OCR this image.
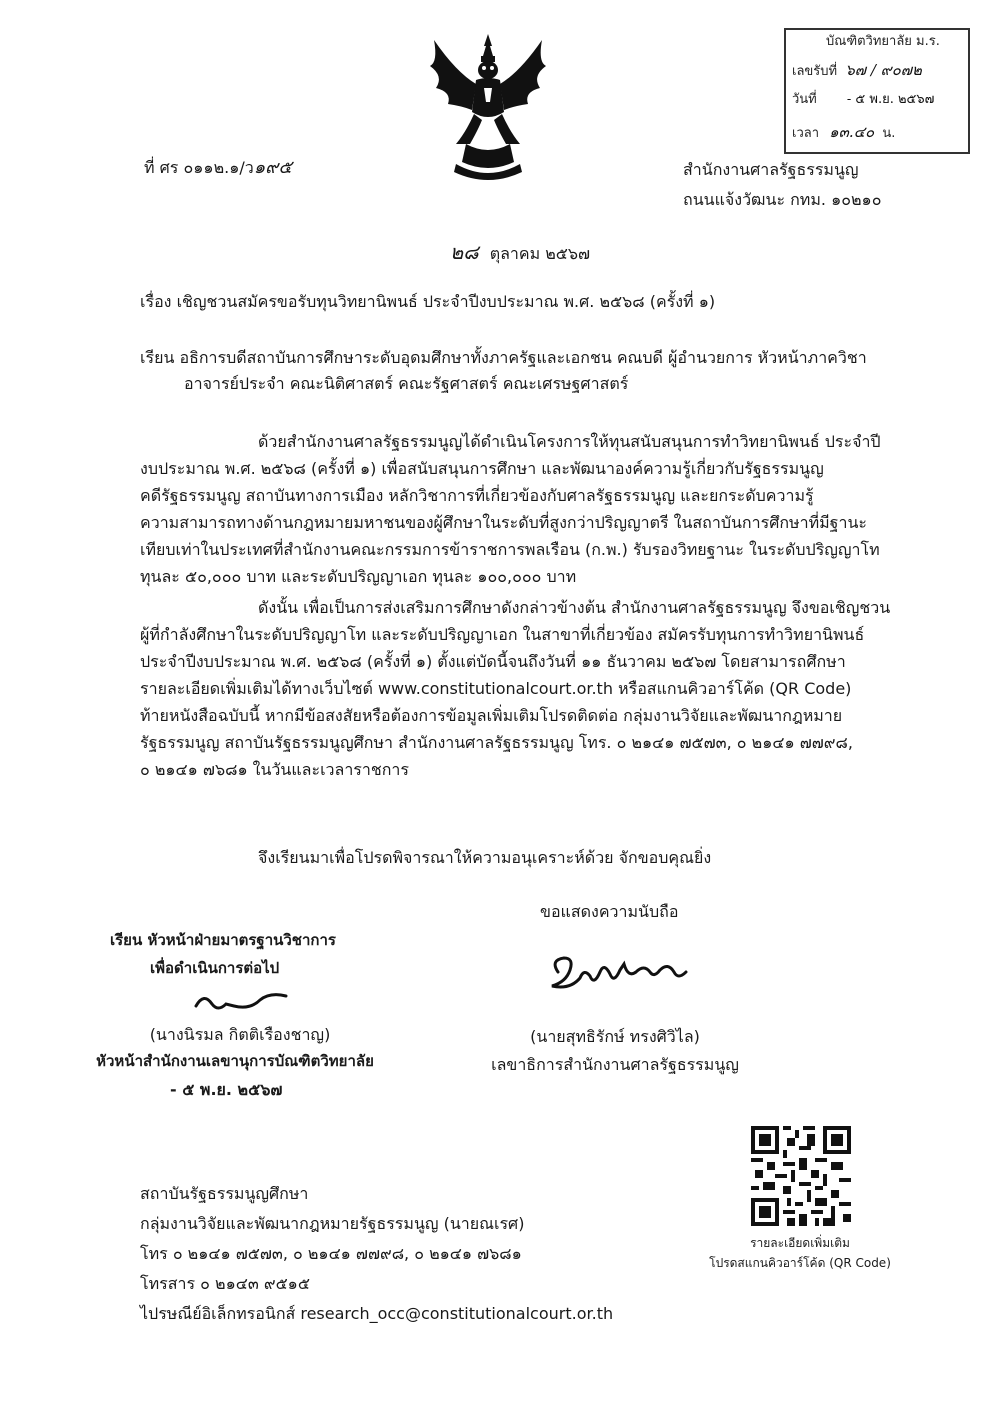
บัณฑิตวิทยาลัย ม.ร.
เลขรับที่ ๖๗ / ๙๐๗๒
วันที่ - ๕ พ.ย. ๒๕๖๗
เวลา ๑๓.๔๐ น.
ที่ ศร ๐๑๑๒.๑/ว๑๙๕	สำนักงานศาลรัฐธรรมนูญ
ถนนแจ้งวัฒนะ กทม. ๑๐๒๑๐
๒๘ ตุลาคม ๒๕๖๗
เรื่อง เชิญชวนสมัครขอรับทุนวิทยานิพนธ์ ประจำปีงบประมาณ พ.ศ. ๒๕๖๘ (ครั้งที่ ๑)
เรียน อธิการบดีสถาบันการศึกษาระดับอุดมศึกษาทั้งภาครัฐและเอกชน คณบดี ผู้อำนวยการ หัวหน้าภาควิชา
อาจารย์ประจำ คณะนิติศาสตร์ คณะรัฐศาสตร์ คณะเศรษฐศาสตร์

ด้วยสำนักงานศาลรัฐธรรมนูญได้ดำเนินโครงการให้ทุนสนับสนุนการทำวิทยานิพนธ์ ประจำปี

งบประมาณ พ.ศ. ๒๕๖๘ (ครั้งที่ ๑) เพื่อสนับสนุนการศึกษา และพัฒนาองค์ความรู้เกี่ยวกับรัฐธรรมนูญ

คดีรัฐธรรมนูญ สถาบันทางการเมือง หลักวิชาการที่เกี่ยวข้องกับศาลรัฐธรรมนูญ และยกระดับความรู้

ความสามารถทางด้านกฎหมายมหาชนของผู้ศึกษาในระดับที่สูงกว่าปริญญาตรี ในสถาบันการศึกษาที่มีฐานะ

เทียบเท่าในประเทศที่สำนักงานคณะกรรมการข้าราชการพลเรือน (ก.พ.) รับรองวิทยฐานะ ในระดับปริญญาโท

ทุนละ ๕๐,๐๐๐ บาท และระดับปริญญาเอก ทุนละ ๑๐๐,๐๐๐ บาท

ดังนั้น เพื่อเป็นการส่งเสริมการศึกษาดังกล่าวข้างต้น สำนักงานศาลรัฐธรรมนูญ จึงขอเชิญชวน

ผู้ที่กำลังศึกษาในระดับปริญญาโท และระดับปริญญาเอก ในสาขาที่เกี่ยวข้อง สมัครรับทุนการทำวิทยานิพนธ์

ประจำปีงบประมาณ พ.ศ. ๒๕๖๘ (ครั้งที่ ๑) ตั้งแต่บัดนี้จนถึงวันที่ ๑๑ ธันวาคม ๒๕๖๗ โดยสามารถศึกษา

รายละเอียดเพิ่มเติมได้ทางเว็บไซต์ www.constitutionalcourt.or.th หรือสแกนคิวอาร์โค้ด (QR Code)

ท้ายหนังสือฉบับนี้ หากมีข้อสงสัยหรือต้องการข้อมูลเพิ่มเติมโปรดติดต่อ กลุ่มงานวิจัยและพัฒนากฎหมาย

รัฐธรรมนูญ สถาบันรัฐธรรมนูญศึกษา สำนักงานศาลรัฐธรรมนูญ โทร. ๐ ๒๑๔๑ ๗๕๗๓, ๐ ๒๑๔๑ ๗๗๙๘,

๐ ๒๑๔๑ ๗๖๘๑ ในวันและเวลาราชการ

จึงเรียนมาเพื่อโปรดพิจารณาให้ความอนุเคราะห์ด้วย จักขอบคุณยิ่ง
ขอแสดงความนับถือ
(นายสุทธิรักษ์ ทรงศิวิไล)
เลขาธิการสำนักงานศาลรัฐธรรมนูญ
เรียน หัวหน้าฝ่ายมาตรฐานวิชาการ
เพื่อดำเนินการต่อไป
(นางนิรมล กิตติเรืองชาญ)
หัวหน้าสำนักงานเลขานุการบัณฑิตวิทยาลัย
- ๕ พ.ย. ๒๕๖๗
สถาบันรัฐธรรมนูญศึกษา
กลุ่มงานวิจัยและพัฒนากฎหมายรัฐธรรมนูญ (นายณเรศ)
โทร ๐ ๒๑๔๑ ๗๕๗๓, ๐ ๒๑๔๑ ๗๗๙๘, ๐ ๒๑๔๑ ๗๖๘๑
โทรสาร ๐ ๒๑๔๓ ๙๕๑๕
ไปรษณีย์อิเล็กทรอนิกส์ research_occ@constitutionalcourt.or.th
รายละเอียดเพิ่มเติม
โปรดสแกนคิวอาร์โค้ด (QR Code)
